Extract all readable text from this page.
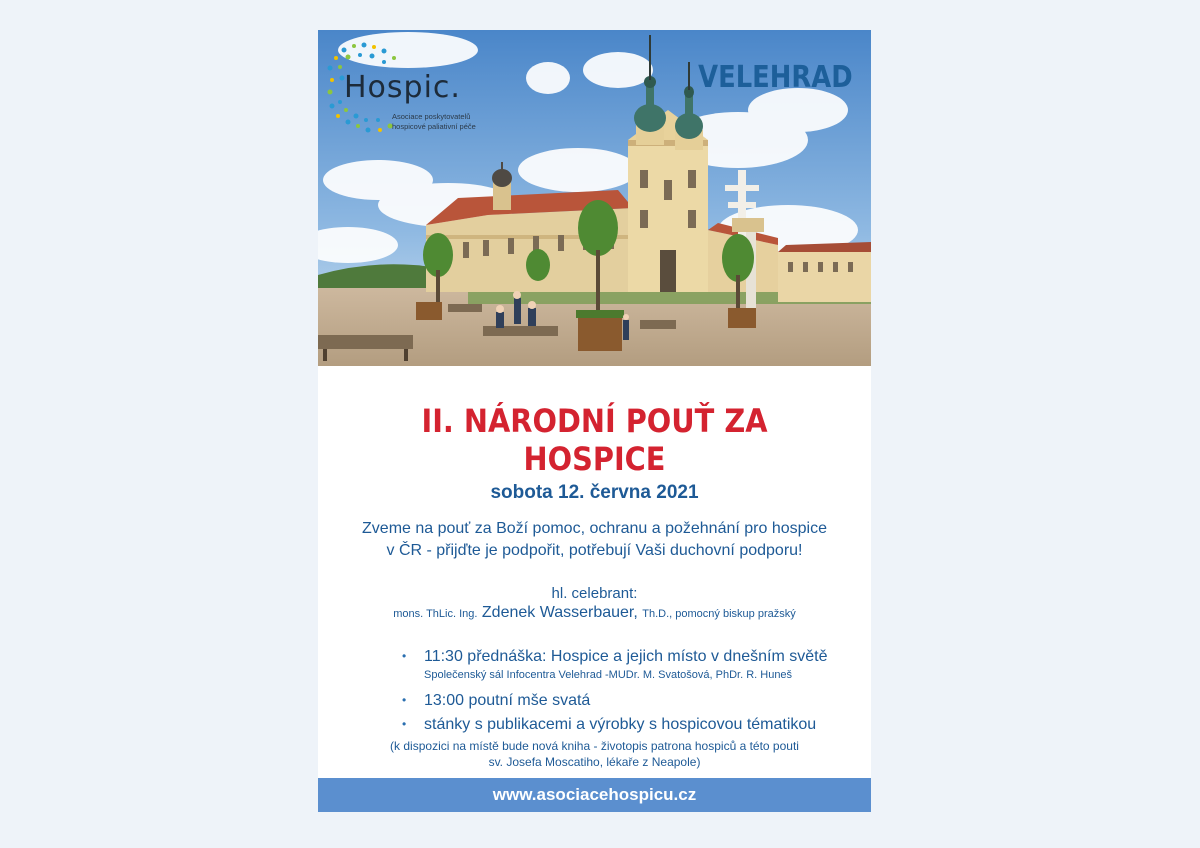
Hospic.
Asociace poskytovatelů hospicové paliativní péče
VELEHRAD
II. NÁRODNÍ POUŤ ZA HOSPICE
sobota 12. června 2021
Zveme na pouť za Boží pomoc, ochranu a požehnání pro hospice
v ČR - přijďte je podpořit, potřebují Vaši duchovní podporu!
hl. celebrant:
mons. ThLic. Ing. Zdenek Wasserbauer, Th.D., pomocný biskup pražský
• 11:30 přednáška: Hospice a jejich místo v dnešním světě
Společenský sál Infocentra Velehrad -MUDr. M. Svatošová, PhDr. R. Huneš
• 13:00 poutní mše svatá
• stánky s publikacemi a výrobky s hospicovou tématikou
(k dispozici na místě bude nová kniha - životopis patrona hospiců a této pouti
sv. Josefa Moscatiho, lékaře z Neapole)
www.asociacehospicu.cz
